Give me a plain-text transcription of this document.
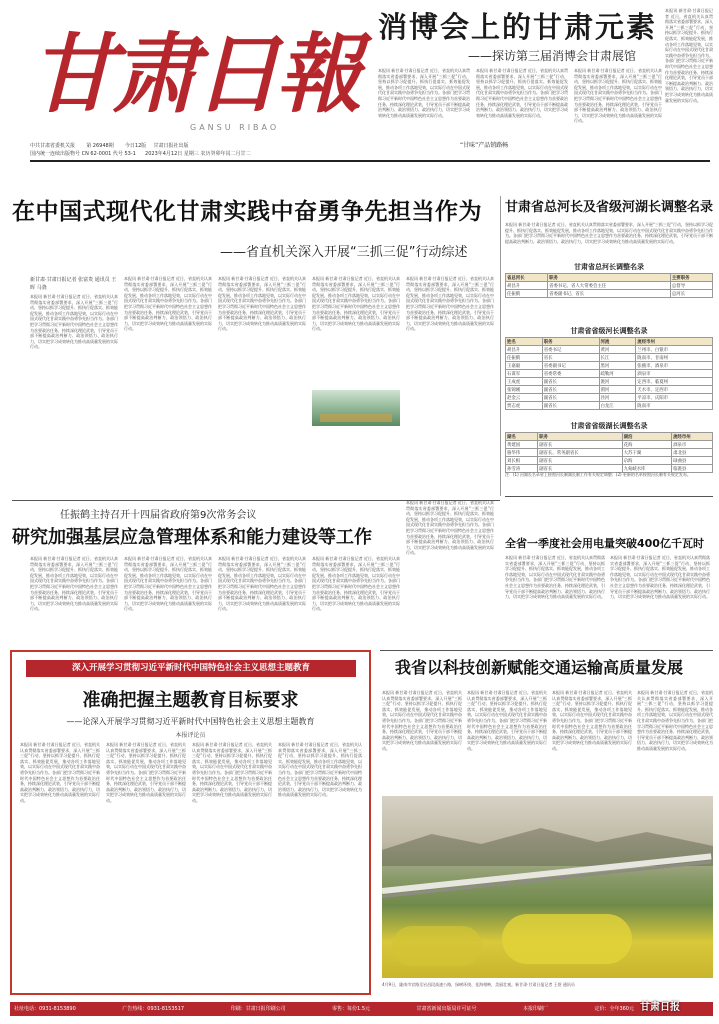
甘肃日報
GANSU RIBAO
消博会上的甘肃元素
——探访第三届消博会甘肃展馆
本报讯 新甘肃·甘肃日报记者 近日，省直机关认真贯彻落实省委部署要求，深入开展“三抓三促”行动，坚持以抓学习促提升、抓执行促落实、抓效能促发展，推动各项工作落地见效，以实际行动在中国式现代化甘肃实践中奋勇争先担当作为。各部门把学习贯彻习近平新时代中国特色社会主义思想作为首要政治任务，持续深化理论武装，引导党员干部不断提高政治判断力、政治领悟力、政治执行力，切实把学习成效转化为推动高质量发展的实际行动。
本报讯 新甘肃·甘肃日报记者 近日，省直机关认真贯彻落实省委部署要求，深入开展“三抓三促”行动，坚持以抓学习促提升、抓执行促落实、抓效能促发展，推动各项工作落地见效，以实际行动在中国式现代化甘肃实践中奋勇争先担当作为。各部门把学习贯彻习近平新时代中国特色社会主义思想作为首要政治任务，持续深化理论武装，引导党员干部不断提高政治判断力、政治领悟力、政治执行力，切实把学习成效转化为推动高质量发展的实际行动。
本报讯 新甘肃·甘肃日报记者 近日，省直机关认真贯彻落实省委部署要求，深入开展“三抓三促”行动，坚持以抓学习促提升、抓执行促落实、抓效能促发展，推动各项工作落地见效，以实际行动在中国式现代化甘肃实践中奋勇争先担当作为。各部门把学习贯彻习近平新时代中国特色社会主义思想作为首要政治任务，持续深化理论武装，引导党员干部不断提高政治判断力、政治领悟力、政治执行力，切实把学习成效转化为推动高质量发展的实际行动。
本报讯 新甘肃·甘肃日报记者 近日，省直机关认真贯彻落实省委部署要求，深入开展“三抓三促”行动，坚持以抓学习促提升、抓执行促落实、抓效能促发展，推动各项工作落地见效，以实际行动在中国式现代化甘肃实践中奋勇争先担当作为。各部门把学习贯彻习近平新时代中国特色社会主义思想作为首要政治任务，持续深化理论武装，引导党员干部不断提高政治判断力、政治领悟力、政治执行力，切实把学习成效转化为推动高质量发展的实际行动。
“甘味”产品销路畅
中共甘肃省委机关报 第 26948期 今日12版 甘肃日报社出版
国内统一连续出版物号 CN 62-0001 代号 53-1 2023年4月12日 星期三 农历癸卯年闰二月廿二
在中国式现代化甘肃实践中奋勇争先担当作为
——省直机关深入开展“三抓三促”行动综述
新甘肃·甘肃日报记者 张富贵 通讯员 王晖 马骁
本报讯 新甘肃·甘肃日报记者 近日，省直机关认真贯彻落实省委部署要求，深入开展“三抓三促”行动，坚持以抓学习促提升、抓执行促落实、抓效能促发展，推动各项工作落地见效，以实际行动在中国式现代化甘肃实践中奋勇争先担当作为。各部门把学习贯彻习近平新时代中国特色社会主义思想作为首要政治任务，持续深化理论武装，引导党员干部不断提高政治判断力、政治领悟力、政治执行力，切实把学习成效转化为推动高质量发展的实际行动。
本报讯 新甘肃·甘肃日报记者 近日，省直机关认真贯彻落实省委部署要求，深入开展“三抓三促”行动，坚持以抓学习促提升、抓执行促落实、抓效能促发展，推动各项工作落地见效，以实际行动在中国式现代化甘肃实践中奋勇争先担当作为。各部门把学习贯彻习近平新时代中国特色社会主义思想作为首要政治任务，持续深化理论武装，引导党员干部不断提高政治判断力、政治领悟力、政治执行力，切实把学习成效转化为推动高质量发展的实际行动。
本报讯 新甘肃·甘肃日报记者 近日，省直机关认真贯彻落实省委部署要求，深入开展“三抓三促”行动，坚持以抓学习促提升、抓执行促落实、抓效能促发展，推动各项工作落地见效，以实际行动在中国式现代化甘肃实践中奋勇争先担当作为。各部门把学习贯彻习近平新时代中国特色社会主义思想作为首要政治任务，持续深化理论武装，引导党员干部不断提高政治判断力、政治领悟力、政治执行力，切实把学习成效转化为推动高质量发展的实际行动。
本报讯 新甘肃·甘肃日报记者 近日，省直机关认真贯彻落实省委部署要求，深入开展“三抓三促”行动，坚持以抓学习促提升、抓执行促落实、抓效能促发展，推动各项工作落地见效，以实际行动在中国式现代化甘肃实践中奋勇争先担当作为。各部门把学习贯彻习近平新时代中国特色社会主义思想作为首要政治任务，持续深化理论武装，引导党员干部不断提高政治判断力、政治领悟力、政治执行力，切实把学习成效转化为推动高质量发展的实际行动。
本报讯 新甘肃·甘肃日报记者 近日，省直机关认真贯彻落实省委部署要求，深入开展“三抓三促”行动，坚持以抓学习促提升、抓执行促落实、抓效能促发展，推动各项工作落地见效，以实际行动在中国式现代化甘肃实践中奋勇争先担当作为。各部门把学习贯彻习近平新时代中国特色社会主义思想作为首要政治任务，持续深化理论武装，引导党员干部不断提高政治判断力、政治领悟力、政治执行力，切实把学习成效转化为推动高质量发展的实际行动。
甘肃省总河长及省级河湖长调整名录
本报讯 新甘肃·甘肃日报记者 近日，省直机关认真贯彻落实省委部署要求，深入开展“三抓三促”行动，坚持以抓学习促提升、抓执行促落实、抓效能促发展，推动各项工作落地见效，以实际行动在中国式现代化甘肃实践中奋勇争先担当作为。各部门把学习贯彻习近平新时代中国特色社会主义思想作为首要政治任务，持续深化理论武装，引导党员干部不断提高政治判断力、政治领悟力、政治执行力，切实把学习成效转化为推动高质量发展的实际行动。
甘肃省总河长调整名录
省总河长	职务	主要职务
胡昌升	省委书记、省人大常委会主任	总督导
任振鹤	省委副书记、省长	总河长
甘肃省省级河长调整名录
姓名	职务	河流	流经市州
胡昌升	省委书记	黄河	兰州市、白银市
任振鹤	省长	长江	陇南市、甘南州
王嘉毅	省委副书记	黑河	张掖市、酒泉市
石谋军	省委常委	疏勒河	酒泉市
王成虎	副省长	洮河	定西市、临夏州
张锦刚	副省长	渭河	天水市、定西市
赵金云	副省长	泾河	平凉市、庆阳市
贾志虎	副省长	白龙江	陇南市
甘肃省省级湖长调整名录
湖名	职务	湖泊	流经市州
黄建国	副省长	花海	酒泉市
骆华伟	副省长、常务副省长	大苏干湖	肃北县
刘长根	副省长	尕海	碌曲县
孙雪涛	副省长	九甸峡水库	临洮县
注：(1) 河湖长名录省上按照河长制湖长制工作有关规定调整；(2) 更新的名单按照河长制有关规定发布。
全省一季度社会用电量突破400亿千瓦时
本报讯 新甘肃·甘肃日报记者 近日，省直机关认真贯彻落实省委部署要求，深入开展“三抓三促”行动，坚持以抓学习促提升、抓执行促落实、抓效能促发展，推动各项工作落地见效，以实际行动在中国式现代化甘肃实践中奋勇争先担当作为。各部门把学习贯彻习近平新时代中国特色社会主义思想作为首要政治任务，持续深化理论武装，引导党员干部不断提高政治判断力、政治领悟力、政治执行力，切实把学习成效转化为推动高质量发展的实际行动。
本报讯 新甘肃·甘肃日报记者 近日，省直机关认真贯彻落实省委部署要求，深入开展“三抓三促”行动，坚持以抓学习促提升、抓执行促落实、抓效能促发展，推动各项工作落地见效，以实际行动在中国式现代化甘肃实践中奋勇争先担当作为。各部门把学习贯彻习近平新时代中国特色社会主义思想作为首要政治任务，持续深化理论武装，引导党员干部不断提高政治判断力、政治领悟力、政治执行力，切实把学习成效转化为推动高质量发展的实际行动。
任振鹤主持召开十四届省政府第9次常务会议
研究加强基层应急管理体系和能力建设等工作
本报讯 新甘肃·甘肃日报记者 近日，省直机关认真贯彻落实省委部署要求，深入开展“三抓三促”行动，坚持以抓学习促提升、抓执行促落实、抓效能促发展，推动各项工作落地见效，以实际行动在中国式现代化甘肃实践中奋勇争先担当作为。各部门把学习贯彻习近平新时代中国特色社会主义思想作为首要政治任务，持续深化理论武装，引导党员干部不断提高政治判断力、政治领悟力、政治执行力，切实把学习成效转化为推动高质量发展的实际行动。
本报讯 新甘肃·甘肃日报记者 近日，省直机关认真贯彻落实省委部署要求，深入开展“三抓三促”行动，坚持以抓学习促提升、抓执行促落实、抓效能促发展，推动各项工作落地见效，以实际行动在中国式现代化甘肃实践中奋勇争先担当作为。各部门把学习贯彻习近平新时代中国特色社会主义思想作为首要政治任务，持续深化理论武装，引导党员干部不断提高政治判断力、政治领悟力、政治执行力，切实把学习成效转化为推动高质量发展的实际行动。
本报讯 新甘肃·甘肃日报记者 近日，省直机关认真贯彻落实省委部署要求，深入开展“三抓三促”行动，坚持以抓学习促提升、抓执行促落实、抓效能促发展，推动各项工作落地见效，以实际行动在中国式现代化甘肃实践中奋勇争先担当作为。各部门把学习贯彻习近平新时代中国特色社会主义思想作为首要政治任务，持续深化理论武装，引导党员干部不断提高政治判断力、政治领悟力、政治执行力，切实把学习成效转化为推动高质量发展的实际行动。
本报讯 新甘肃·甘肃日报记者 近日，省直机关认真贯彻落实省委部署要求，深入开展“三抓三促”行动，坚持以抓学习促提升、抓执行促落实、抓效能促发展，推动各项工作落地见效，以实际行动在中国式现代化甘肃实践中奋勇争先担当作为。各部门把学习贯彻习近平新时代中国特色社会主义思想作为首要政治任务，持续深化理论武装，引导党员干部不断提高政治判断力、政治领悟力、政治执行力，切实把学习成效转化为推动高质量发展的实际行动。
本报讯 新甘肃·甘肃日报记者 近日，省直机关认真贯彻落实省委部署要求，深入开展“三抓三促”行动，坚持以抓学习促提升、抓执行促落实、抓效能促发展，推动各项工作落地见效，以实际行动在中国式现代化甘肃实践中奋勇争先担当作为。各部门把学习贯彻习近平新时代中国特色社会主义思想作为首要政治任务，持续深化理论武装，引导党员干部不断提高政治判断力、政治领悟力、政治执行力，切实把学习成效转化为推动高质量发展的实际行动。
深入开展学习贯彻习近平新时代中国特色社会主义思想主题教育
准确把握主题教育目标要求
——论深入开展学习贯彻习近平新时代中国特色社会主义思想主题教育
本报评论员
本报讯 新甘肃·甘肃日报记者 近日，省直机关认真贯彻落实省委部署要求，深入开展“三抓三促”行动，坚持以抓学习促提升、抓执行促落实、抓效能促发展，推动各项工作落地见效，以实际行动在中国式现代化甘肃实践中奋勇争先担当作为。各部门把学习贯彻习近平新时代中国特色社会主义思想作为首要政治任务，持续深化理论武装，引导党员干部不断提高政治判断力、政治领悟力、政治执行力，切实把学习成效转化为推动高质量发展的实际行动。
本报讯 新甘肃·甘肃日报记者 近日，省直机关认真贯彻落实省委部署要求，深入开展“三抓三促”行动，坚持以抓学习促提升、抓执行促落实、抓效能促发展，推动各项工作落地见效，以实际行动在中国式现代化甘肃实践中奋勇争先担当作为。各部门把学习贯彻习近平新时代中国特色社会主义思想作为首要政治任务，持续深化理论武装，引导党员干部不断提高政治判断力、政治领悟力、政治执行力，切实把学习成效转化为推动高质量发展的实际行动。
本报讯 新甘肃·甘肃日报记者 近日，省直机关认真贯彻落实省委部署要求，深入开展“三抓三促”行动，坚持以抓学习促提升、抓执行促落实、抓效能促发展，推动各项工作落地见效，以实际行动在中国式现代化甘肃实践中奋勇争先担当作为。各部门把学习贯彻习近平新时代中国特色社会主义思想作为首要政治任务，持续深化理论武装，引导党员干部不断提高政治判断力、政治领悟力、政治执行力，切实把学习成效转化为推动高质量发展的实际行动。
本报讯 新甘肃·甘肃日报记者 近日，省直机关认真贯彻落实省委部署要求，深入开展“三抓三促”行动，坚持以抓学习促提升、抓执行促落实、抓效能促发展，推动各项工作落地见效，以实际行动在中国式现代化甘肃实践中奋勇争先担当作为。各部门把学习贯彻习近平新时代中国特色社会主义思想作为首要政治任务，持续深化理论武装，引导党员干部不断提高政治判断力、政治领悟力、政治执行力，切实把学习成效转化为推动高质量发展的实际行动。
我省以科技创新赋能交通运输高质量发展
本报讯 新甘肃·甘肃日报记者 近日，省直机关认真贯彻落实省委部署要求，深入开展“三抓三促”行动，坚持以抓学习促提升、抓执行促落实、抓效能促发展，推动各项工作落地见效，以实际行动在中国式现代化甘肃实践中奋勇争先担当作为。各部门把学习贯彻习近平新时代中国特色社会主义思想作为首要政治任务，持续深化理论武装，引导党员干部不断提高政治判断力、政治领悟力、政治执行力，切实把学习成效转化为推动高质量发展的实际行动。
本报讯 新甘肃·甘肃日报记者 近日，省直机关认真贯彻落实省委部署要求，深入开展“三抓三促”行动，坚持以抓学习促提升、抓执行促落实、抓效能促发展，推动各项工作落地见效，以实际行动在中国式现代化甘肃实践中奋勇争先担当作为。各部门把学习贯彻习近平新时代中国特色社会主义思想作为首要政治任务，持续深化理论武装，引导党员干部不断提高政治判断力、政治领悟力、政治执行力，切实把学习成效转化为推动高质量发展的实际行动。
本报讯 新甘肃·甘肃日报记者 近日，省直机关认真贯彻落实省委部署要求，深入开展“三抓三促”行动，坚持以抓学习促提升、抓执行促落实、抓效能促发展，推动各项工作落地见效，以实际行动在中国式现代化甘肃实践中奋勇争先担当作为。各部门把学习贯彻习近平新时代中国特色社会主义思想作为首要政治任务，持续深化理论武装，引导党员干部不断提高政治判断力、政治领悟力、政治执行力，切实把学习成效转化为推动高质量发展的实际行动。
本报讯 新甘肃·甘肃日报记者 近日，省直机关认真贯彻落实省委部署要求，深入开展“三抓三促”行动，坚持以抓学习促提升、抓执行促落实、抓效能促发展，推动各项工作落地见效，以实际行动在中国式现代化甘肃实践中奋勇争先担当作为。各部门把学习贯彻习近平新时代中国特色社会主义思想作为首要政治任务，持续深化理论武装，引导党员干部不断提高政治判断力、政治领悟力、政治执行力，切实把学习成效转化为推动高质量发展的实际行动。
4月9日，陇南市官路至宕昌段高速公路，绿树环绕、花海相映，美丽壮观。新甘肃·甘肃日报记者 王煜 通讯员
社址电话：0931-8153890	广告热线：0931-8153517	印刷：甘肃日报印刷公司	零售：每份1.5元	甘肃省新闻出版局许可证号	本报印刷厂	定价：全年360元 甘肃日报
